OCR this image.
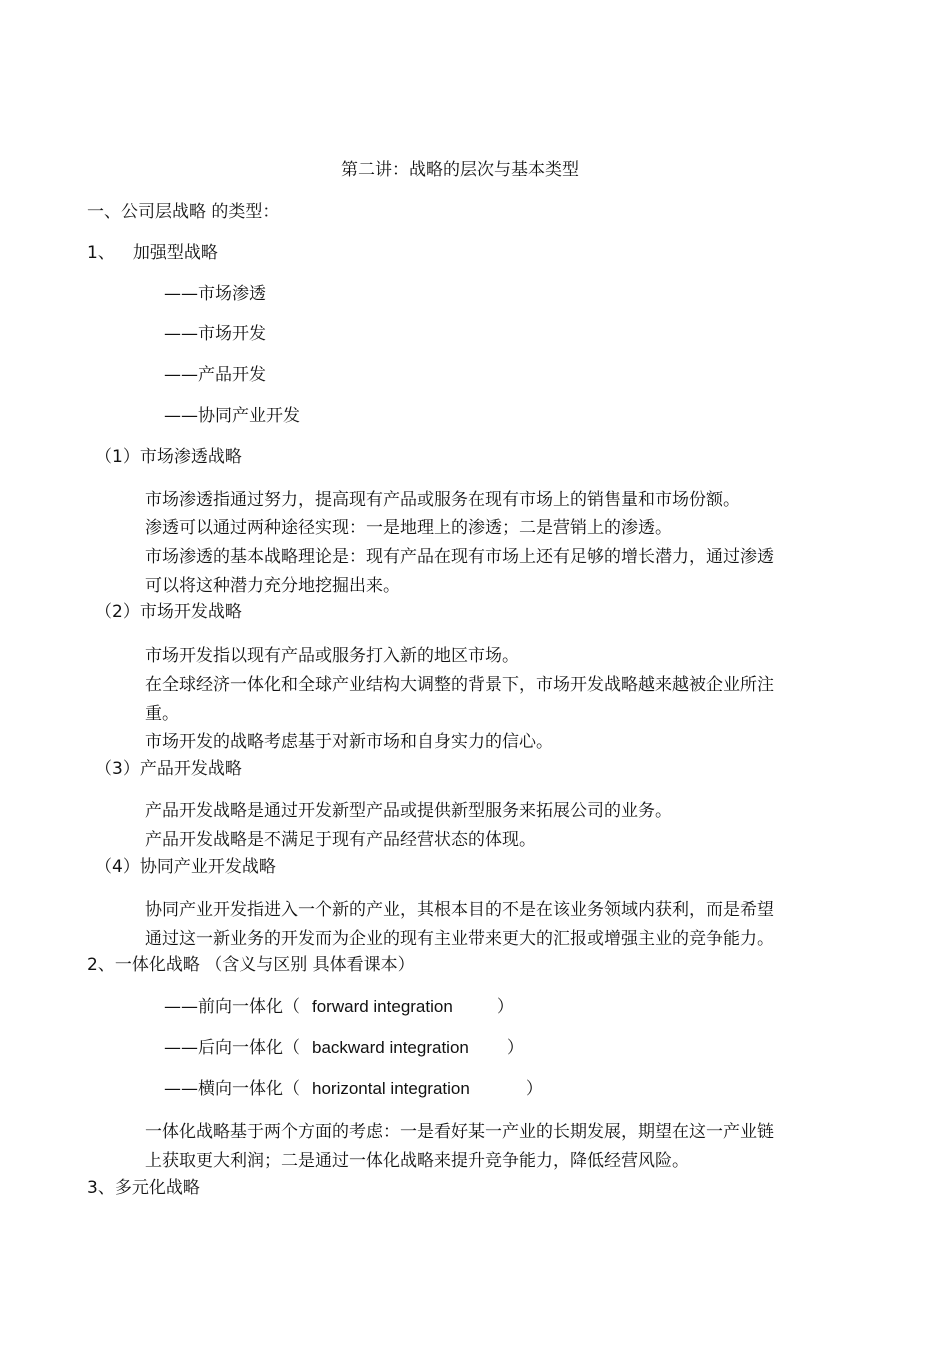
第二讲：战略的层次与基本类型
一、公司层战略 的类型：
1、 加强型战略
——市场渗透
——市场开发
——产品开发
——协同产业开发
（1）市场渗透战略
市场渗透指通过努力，提高现有产品或服务在现有市场上的销售量和市场份额。
渗透可以通过两种途径实现：一是地理上的渗透；二是营销上的渗透。
市场渗透的基本战略理论是：现有产品在现有市场上还有足够的增长潜力，通过渗透
可以将这种潜力充分地挖掘出来。
（2）市场开发战略
市场开发指以现有产品或服务打入新的地区市场。
在全球经济一体化和全球产业结构大调整的背景下，市场开发战略越来越被企业所注
重。
市场开发的战略考虑基于对新市场和自身实力的信心。
（3）产品开发战略
产品开发战略是通过开发新型产品或提供新型服务来拓展公司的业务。
产品开发战略是不满足于现有产品经营状态的体现。
（4）协同产业开发战略
协同产业开发指进入一个新的产业，其根本目的不是在该业务领域内获利，而是希望
通过这一新业务的开发而为企业的现有主业带来更大的汇报或增强主业的竞争能力。
2、一体化战略 （含义与区别 具体看课本）
——前向一体化（ forward integration	）
——后向一体化（ backward integration ）
——横向一体化（ horizontal integration	）
一体化战略基于两个方面的考虑：一是看好某一产业的长期发展，期望在这一产业链
上获取更大利润；二是通过一体化战略来提升竞争能力，降低经营风险。
3、多元化战略
